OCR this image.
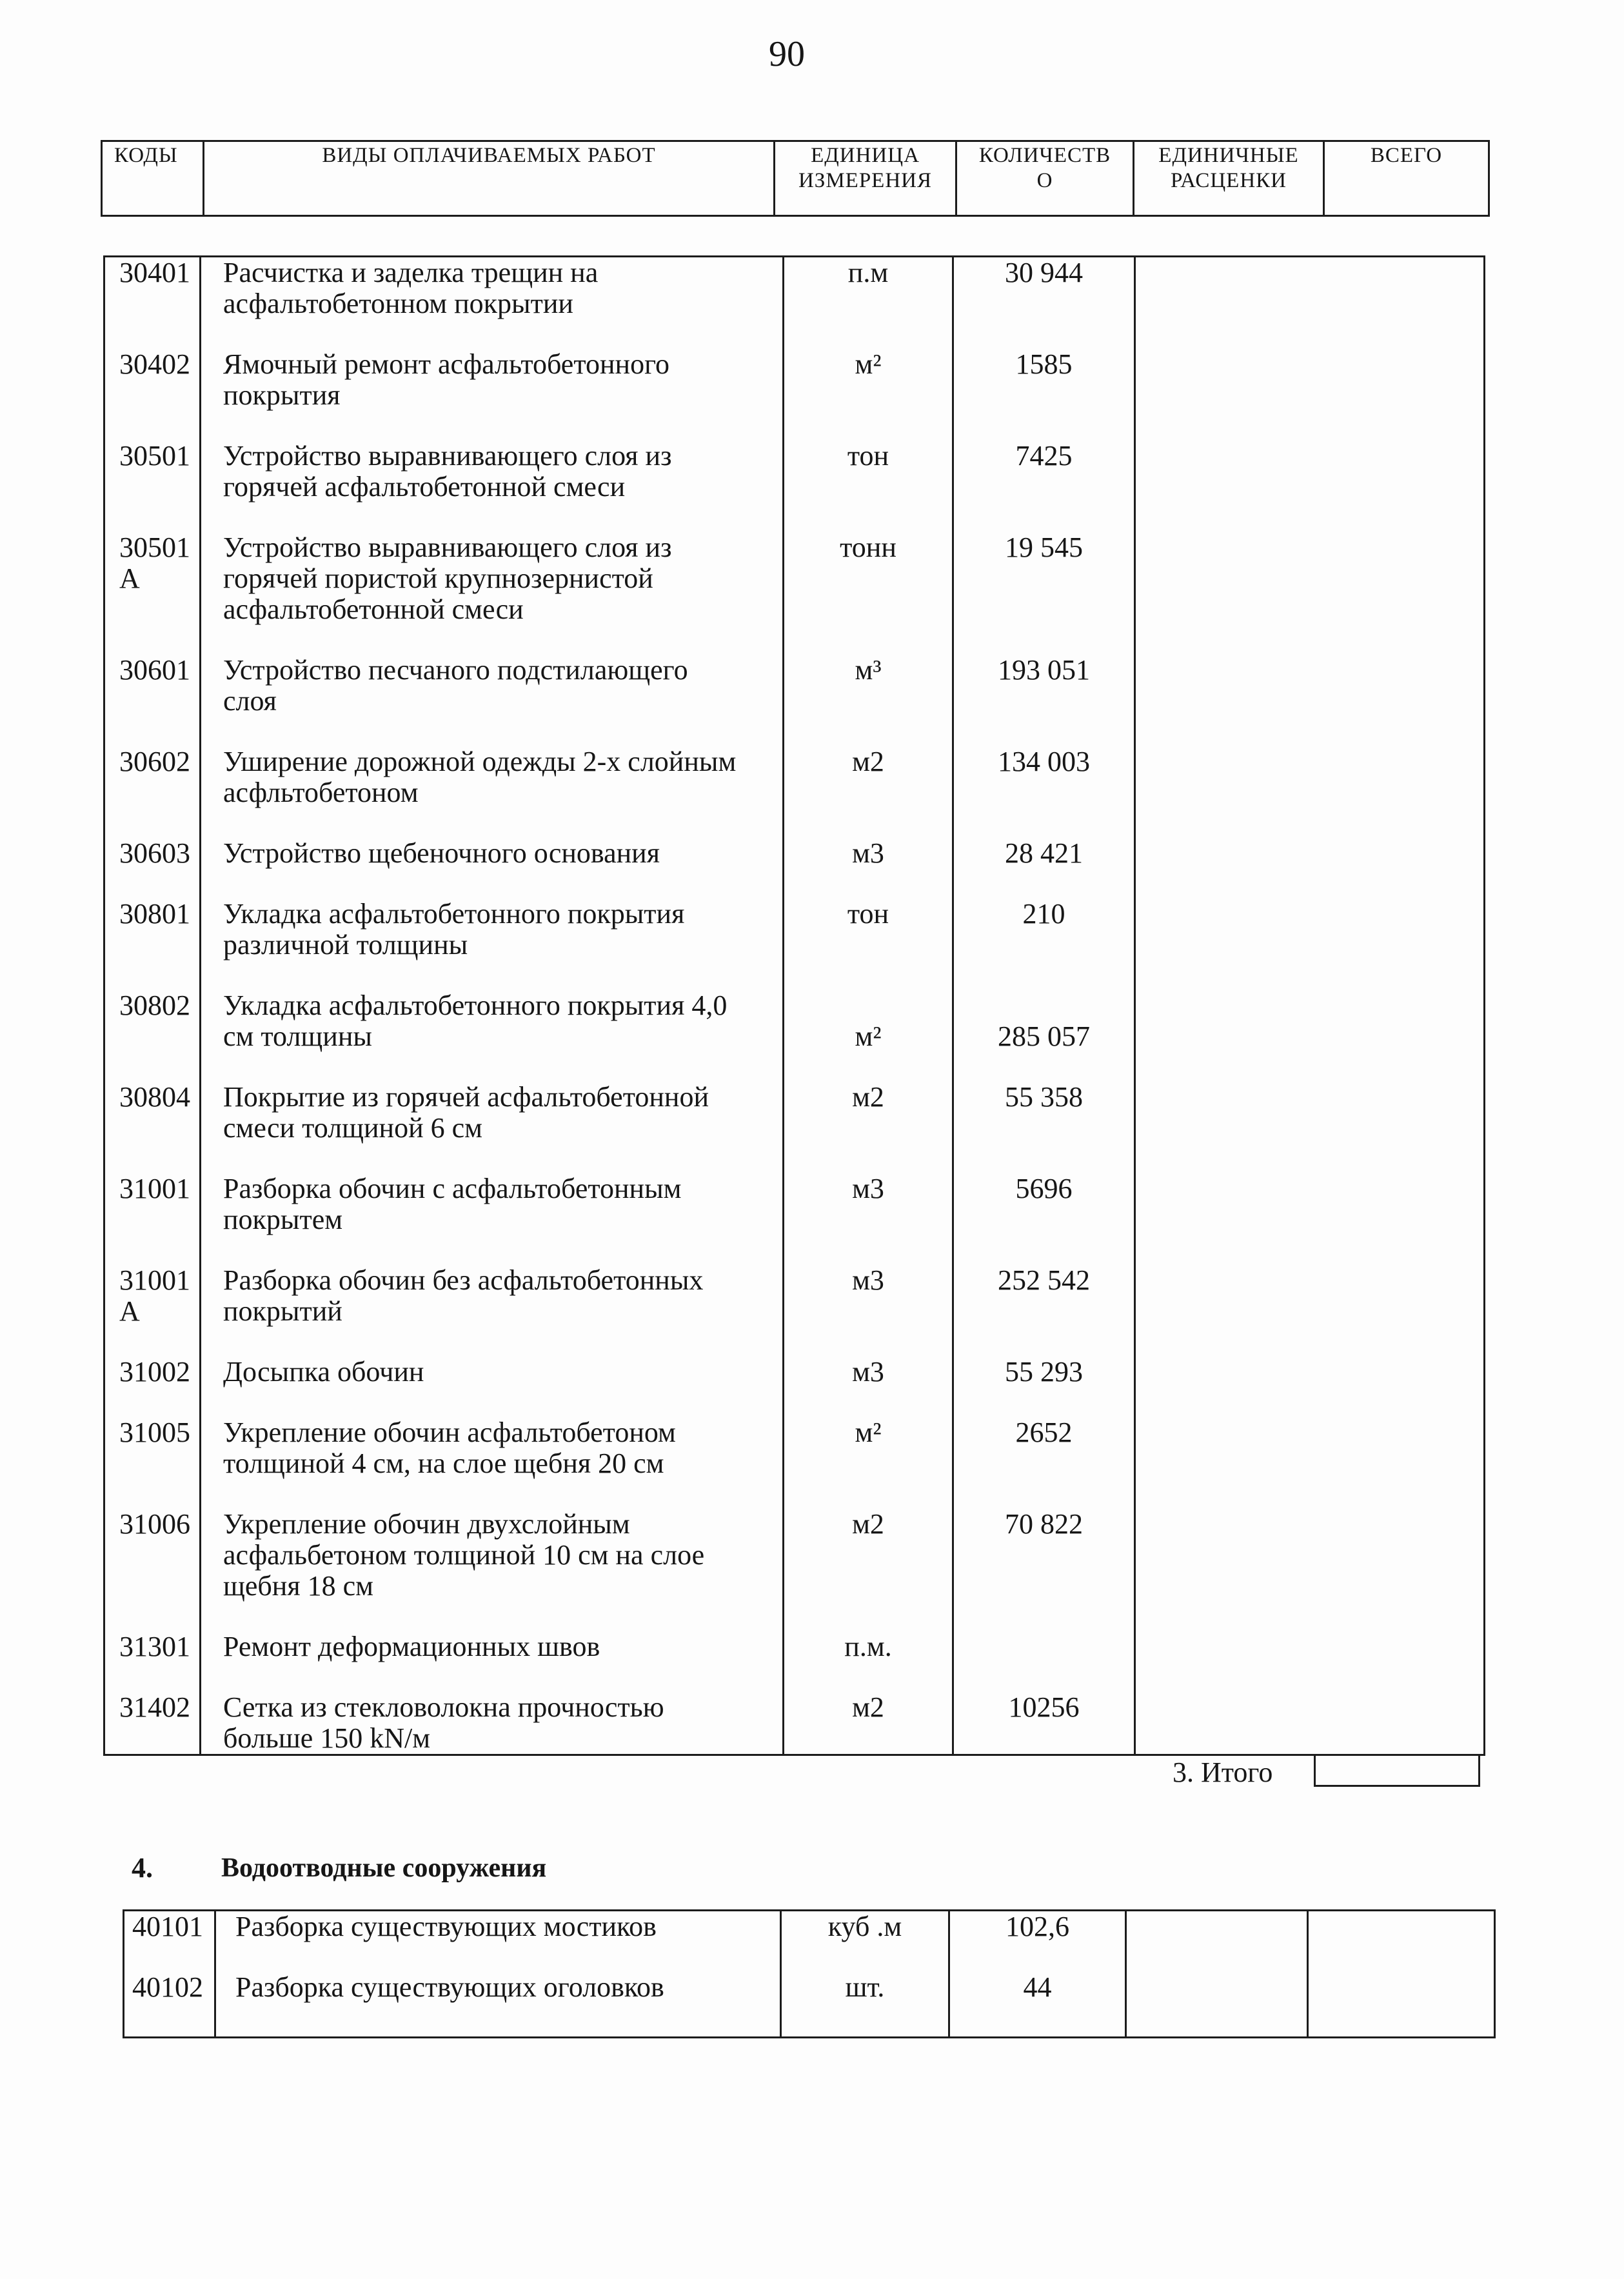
90
КОДЫ	ВИДЫ ОПЛАЧИВАЕМЫХ РАБОТ	ЕДИНИЦА
ИЗМЕРЕНИЯ	КОЛИЧЕСТВ
О	ЕДИНИЧНЫЕ
РАСЦЕНКИ	ВСЕГО
30401	Расчистка и заделка трещин на
асфальтобетонном покрытии	п.м	30 944	
30402	Ямочный ремонт асфальтобетонного
покрытия	м²	1585	
30501	Устройство выравнивающего слоя из
горячей асфальтобетонной смеси	тон	7425	
30501
А	Устройство выравнивающего слоя из
горячей пористой крупнозернистой
асфальтобетонной смеси	тонн	19 545	
30601	Устройство песчаного подстилающего
слоя	м³	193 051	
30602	Уширение дорожной одежды 2-х слойным
асфльтобетоном	м2	134 003	
30603	Устройство щебеночного основания	м3	28 421	
30801	Укладка асфальтобетонного покрытия
различной толщины	тон	210	
30802	Укладка асфальтобетонного покрытия 4,0
см толщины	м²	285 057	
30804	Покрытие из горячей асфальтобетонной
смеси толщиной 6 см	м2	55 358	
31001	Разборка обочин с асфальтобетонным
покрытем	м3	5696	
31001
А	Разборка обочин без асфальтобетонных
покрытий	м3	252 542	
31002	Досыпка обочин	м3	55 293	
31005	Укрепление обочин асфальтобетоном
толщиной 4 см, на слое щебня 20 см	м²	2652	
31006	Укрепление обочин двухслойным
асфальбетоном толщиной 10 см на слое
щебня 18 см	м2	70 822	
31301	Ремонт деформационных швов	п.м.		
31402	Сетка из стекловолокна прочностью
больше 150 kN/м	м2	10256	
3. Итого
4.	Водоотводные сооружения
40101	Разборка существующих мостиков	куб .м	102,6		
40102	Разборка существующих оголовков	шт.	44		
